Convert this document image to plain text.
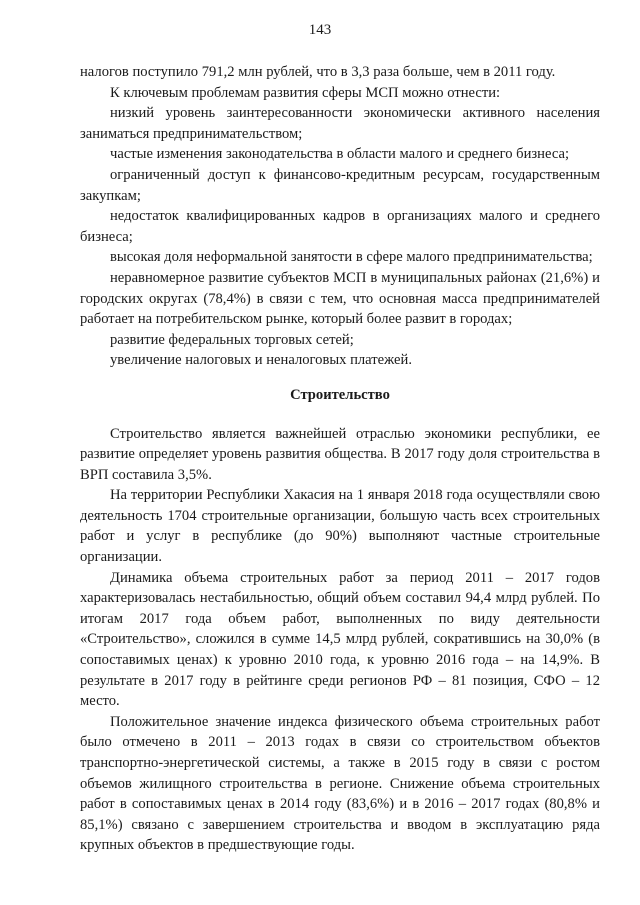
143

налогов поступило 791,2 млн рублей, что в 3,3 раза больше, чем в 2011 году.

К ключевым проблемам развития сферы МСП можно отнести:

низкий уровень заинтересованности экономически активного населения заниматься предпринимательством;

частые изменения законодательства в области малого и среднего бизнеса;

ограниченный доступ к финансово-кредитным ресурсам, государственным закупкам;

недостаток квалифицированных кадров в организациях малого и среднего бизнеса;

высокая доля неформальной занятости в сфере малого предпринимательства;

неравномерное развитие субъектов МСП в муниципальных районах (21,6%) и городских округах (78,4%) в связи с тем, что основная масса предпринимателей работает на потребительском рынке, который более развит в городах;

развитие федеральных торговых сетей;

увеличение налоговых и неналоговых платежей.

Строительство

Строительство является важнейшей отраслью экономики республики, ее развитие определяет уровень развития общества. В 2017 году доля строительства в ВРП составила 3,5%.

На территории Республики Хакасия на 1 января 2018 года осуществляли свою деятельность 1704 строительные организации, большую часть всех строительных работ и услуг в республике (до 90%) выполняют частные строительные организации.

Динамика объема строительных работ за период 2011 – 2017 годов характеризовалась нестабильностью, общий объем составил 94,4 млрд рублей. По итогам 2017 года объем работ, выполненных по виду деятельности «Строительство», сложился в сумме 14,5 млрд рублей, сократившись на 30,0% (в сопоставимых ценах) к уровню 2010 года, к уровню 2016 года – на 14,9%. В результате в 2017 году в рейтинге среди регионов РФ – 81 позиция, СФО – 12 место.

Положительное значение индекса физического объема строительных работ было отмечено в 2011 – 2013 годах в связи со строительством объектов транспортно-энергетической системы, а также в 2015 году в связи с ростом объемов жилищного строительства в регионе. Снижение объема строительных работ в сопоставимых ценах в 2014 году (83,6%) и в 2016 – 2017 годах (80,8% и 85,1%) связано с завершением строительства и вводом в эксплуатацию ряда крупных объектов в предшествующие годы.
